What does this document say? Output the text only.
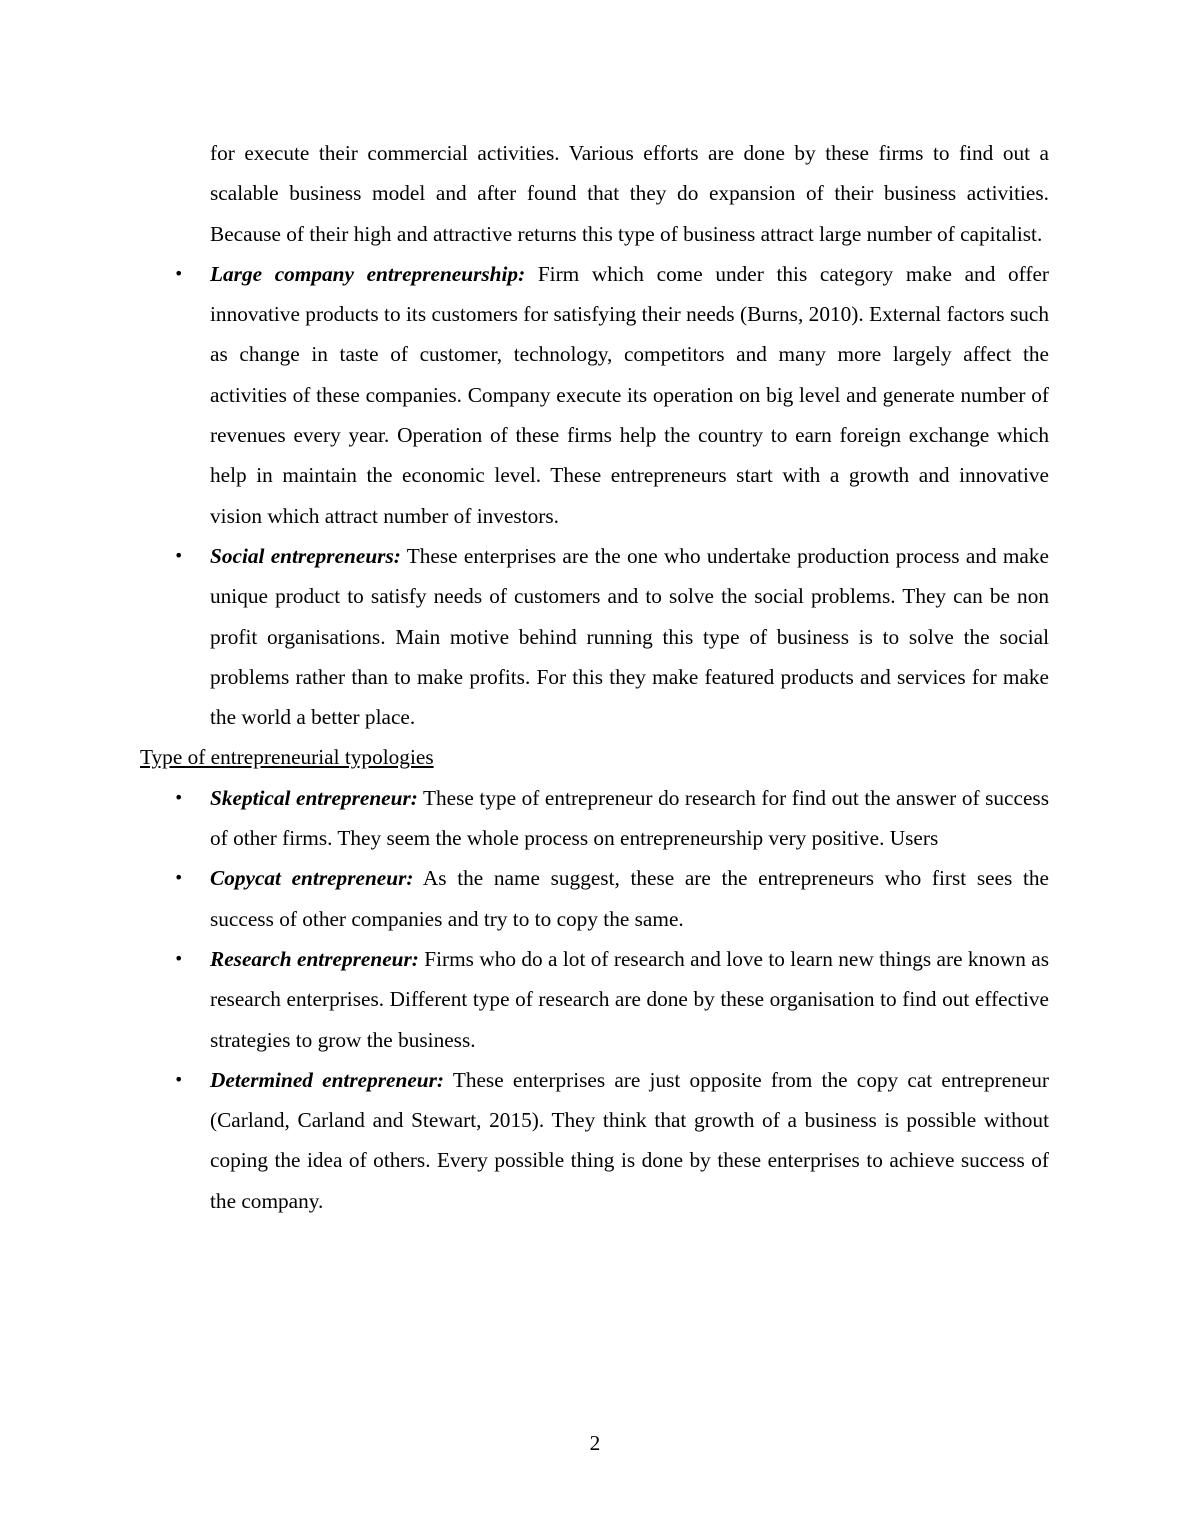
for execute their commercial activities. Various efforts are done by these firms to find out a scalable business model and after found that they do expansion of their business activities. Because of their high and attractive returns this type of business attract large number of capitalist.

•	Large company entrepreneurship: Firm which come under this category make and offer innovative products to its customers for satisfying their needs (Burns, 2010). External factors such as change in taste of customer, technology, competitors and many more largely affect the activities of these companies. Company execute its operation on big level and generate number of revenues every year. Operation of these firms help the country to earn foreign exchange which help in maintain the economic level. These entrepreneurs start with a growth and innovative vision which attract number of investors.
•	Social entrepreneurs: These enterprises are the one who undertake production process and make unique product to satisfy needs of customers and to solve the social problems. They can be non profit organisations. Main motive behind running this type of business is to solve the social problems rather than to make profits. For this they make featured products and services for make the world a better place.

Type of entrepreneurial typologies

•	Skeptical entrepreneur: These type of entrepreneur do research for find out the answer of success of other firms. They seem the whole process on entrepreneurship very positive. Users
•	Copycat entrepreneur: As the name suggest, these are the entrepreneurs who first sees the success of other companies and try to to copy the same.
•	Research entrepreneur: Firms who do a lot of research and love to learn new things are known as research enterprises. Different type of research are done by these organisation to find out effective strategies to grow the business.
•	Determined entrepreneur: These enterprises are just opposite from the copy cat entrepreneur (Carland, Carland and Stewart, 2015). They think that growth of a business is possible without coping the idea of others. Every possible thing is done by these enterprises to achieve success of the company.
2
